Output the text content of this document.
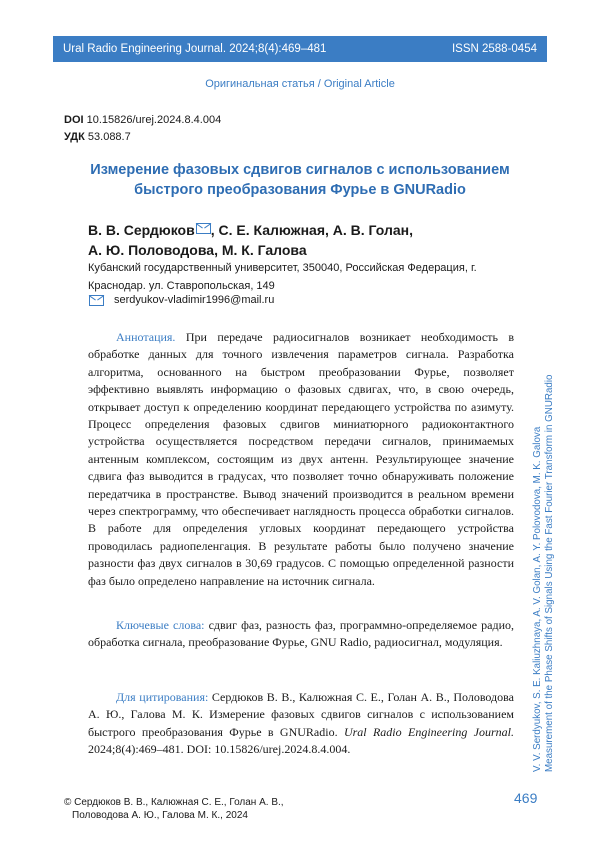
Ural Radio Engineering Journal. 2024;8(4):469–481	ISSN 2588-0454
Оригинальная статья / Original Article
DOI 10.15826/urej.2024.8.4.004
УДК 53.088.7
Измерение фазовых сдвигов сигналов с использованием быстрого преобразования Фурье в GNURadio
В. В. Сердюков , С. Е. Калюжная, А. В. Голан,
А. Ю. Половодова, М. К. Галова
Кубанский государственный университет, 350040, Российская Федерация, г. Краснодар. ул. Ставропольская, 149
serdyukov-vladimir1996@mail.ru
Аннотация. При передаче радиосигналов возникает необходимость в обработке данных для точного извлечения параметров сигнала. Разработка алгоритма, основанного на быстром преобразовании Фурье, позволяет эффективно выявлять информацию о фазовых сдвигах, что, в свою очередь, открывает доступ к определению координат передающего устройства по азимуту. Процесс определения фазовых сдвигов миниатюрного радиоконтактного устройства осуществляется посредством передачи сигналов, принимаемых антенным комплексом, состоящим из двух антенн. Результирующее значение сдвига фаз выводится в градусах, что позволяет точно обнаруживать положение передатчика в пространстве. Вывод значений производится в реальном времени через спектрограмму, что обеспечивает наглядность процесса обработки сигналов. В работе для определения угловых координат передающего устройства проводилась радиопеленгация. В результате работы было получено значение разности фаз двух сигналов в 30,69 градусов. С помощью определенной разности фаз было определено направление на источник сигнала.
Ключевые слова: сдвиг фаз, разность фаз, программно-определяемое радио, обработка сигнала, преобразование Фурье, GNU Radio, радиосигнал, модуляция.
Для цитирования: Сердюков В. В., Калюжная С. Е., Голан А. В., Половодова А. Ю., Галова М. К. Измерение фазовых сдвигов сигналов с использованием быстрого преобразования Фурье в GNURadio. Ural Radio Engineering Journal. 2024;8(4):469–481. DOI: 10.15826/urej.2024.8.4.004.	V. V. Serdyukov, S. E. Kaliuzhnaya, A. V. Golan, A. Y. Polovodova, M. K. Galova Measurement of the Phase Shifts of Signals Using the Fast Fourier Transform in GNURadio
© Сердюков В. В., Калюжная С. Е., Голан А. В.,
Половодова А. Ю., Галова М. К., 2024
469
